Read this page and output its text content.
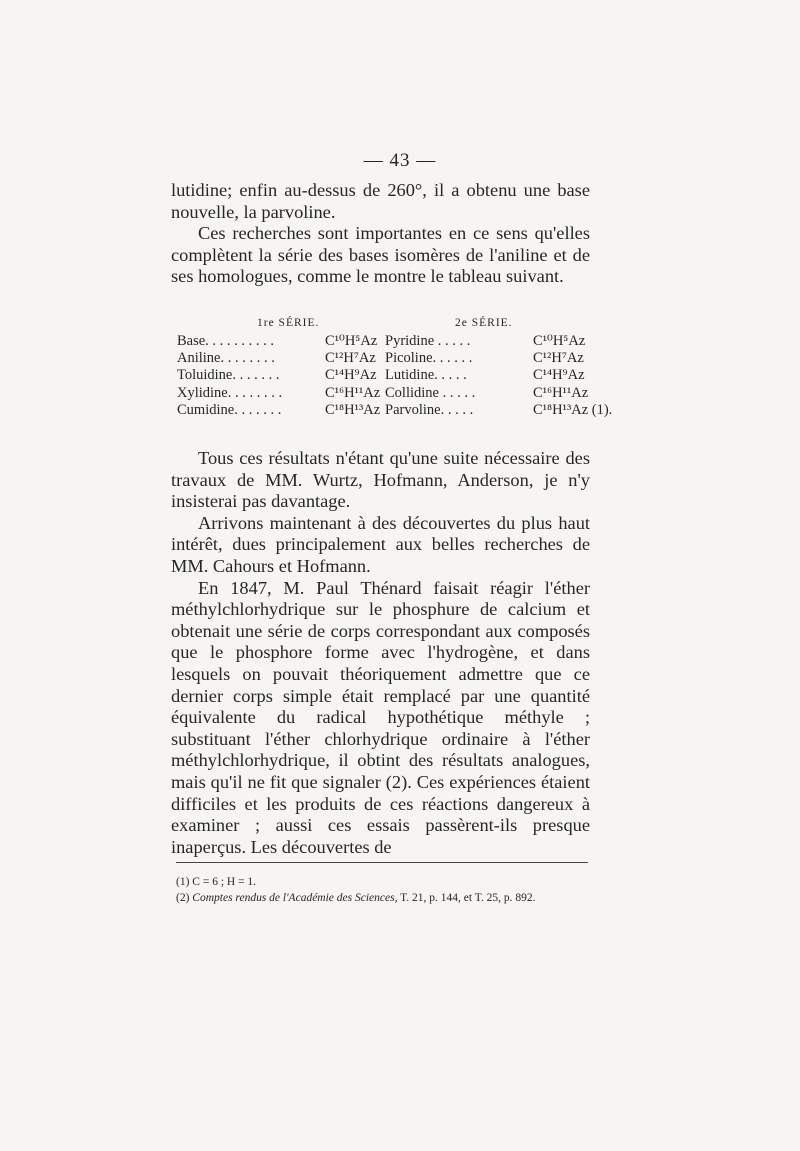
— 43 —

lutidine; enfin au-dessus de 260°, il a obtenu une base nouvelle, la parvoline.

Ces recherches sont importantes en ce sens qu'elles complètent la série des bases isomères de l'aniline et de ses homologues, comme le montre le tableau suivant.

1re SÉRIE.	2e SÉRIE.
Base. . . . . . . . . .	C¹⁰H⁵Az Pyridine . . . . .	C¹⁰H⁵Az
Aniline. . . . . . . .	C¹²H⁷Az Picoline. . . . . .	C¹²H⁷Az
Toluidine. . . . . . .	C¹⁴H⁹Az Lutidine. . . . .	C¹⁴H⁹Az
Xylidine. . . . . . . .	C¹⁶H¹¹Az Collidine . . . . .	C¹⁶H¹¹Az
Cumidine. . . . . . .	C¹⁸H¹³Az Parvoline. . . . .	C¹⁸H¹³Az (1).

Tous ces résultats n'étant qu'une suite nécessaire des travaux de MM. Wurtz, Hofmann, Anderson, je n'y insisterai pas davantage.

Arrivons maintenant à des découvertes du plus haut intérêt, dues principalement aux belles recherches de MM. Cahours et Hofmann.

En 1847, M. Paul Thénard faisait réagir l'éther méthylchlorhydrique sur le phosphure de calcium et obtenait une série de corps correspondant aux composés que le phosphore forme avec l'hydrogène, et dans lesquels on pouvait théoriquement admettre que ce dernier corps simple était remplacé par une quantité équivalente du radical hypothétique méthyle ; substituant l'éther chlorhydrique ordinaire à l'éther méthylchlorhydrique, il obtint des résultats analogues, mais qu'il ne fit que signaler (2). Ces expériences étaient difficiles et les produits de ces réactions dangereux à examiner ; aussi ces essais passèrent-ils presque inaperçus. Les découvertes de

(1) C = 6 ; H = 1.

(2) Comptes rendus de l'Académie des Sciences, T. 21, p. 144, et T. 25, p. 892.
